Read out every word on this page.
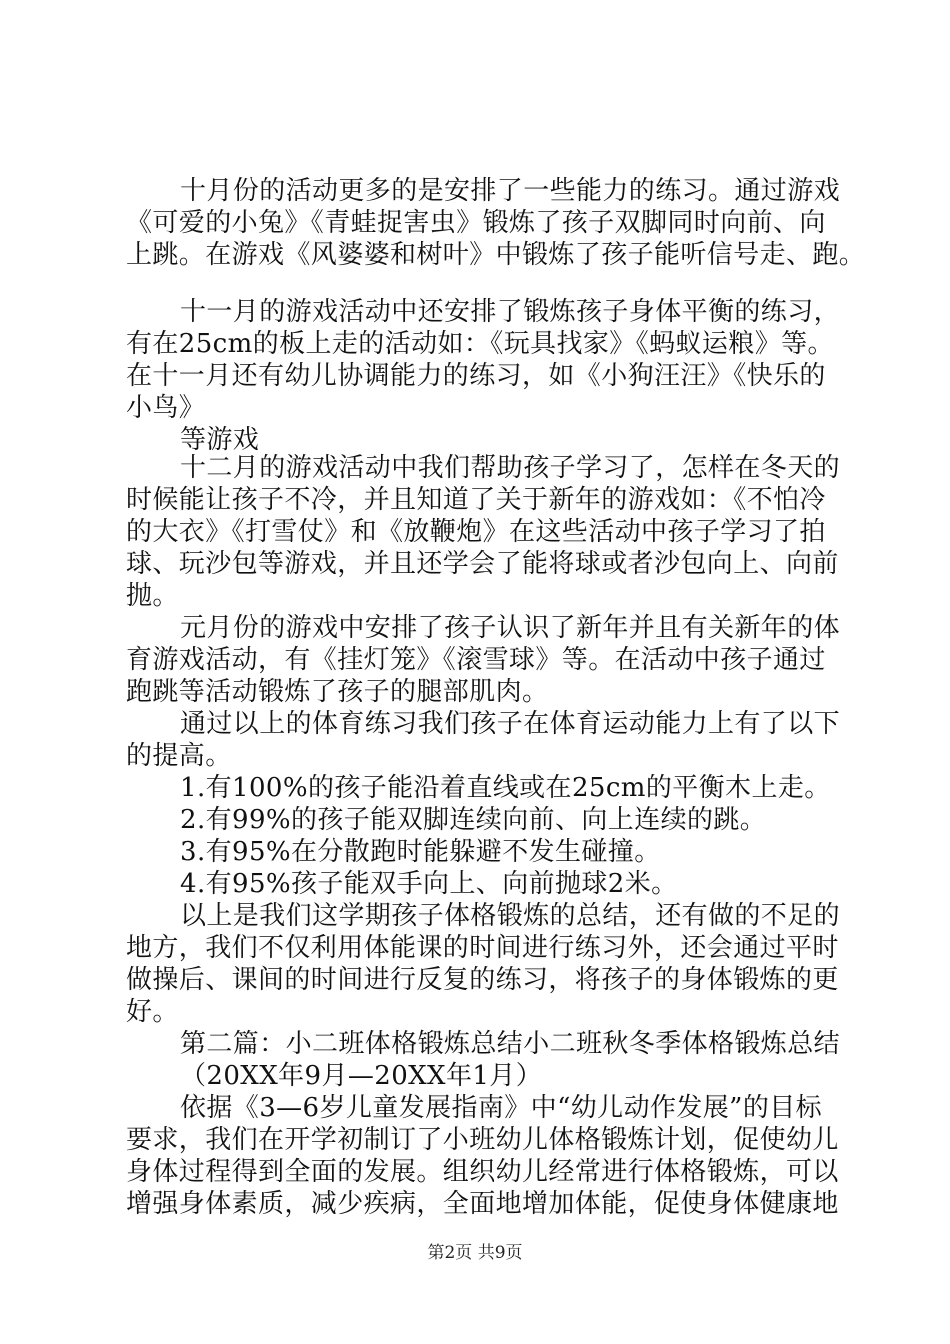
十月份的活动更多的是安排了一些能力的练习。通过游戏
《可爱的小兔》《青蛙捉害虫》锻炼了孩子双脚同时向前、向
上跳。在游戏《风婆婆和树叶》中锻炼了孩子能听信号走、跑。
十一月的游戏活动中还安排了锻炼孩子身体平衡的练习，
有在25cm的板上走的活动如：《玩具找家》《蚂蚁运粮》等。
在十一月还有幼儿协调能力的练习，如《小狗汪汪》《快乐的
小鸟》
等游戏
十二月的游戏活动中我们帮助孩子学习了，怎样在冬天的
时候能让孩子不冷，并且知道了关于新年的游戏如：《不怕冷
的大衣》《打雪仗》和《放鞭炮》在这些活动中孩子学习了拍
球、玩沙包等游戏，并且还学会了能将球或者沙包向上、向前
抛。
元月份的游戏中安排了孩子认识了新年并且有关新年的体
育游戏活动，有《挂灯笼》《滚雪球》等。在活动中孩子通过
跑跳等活动锻炼了孩子的腿部肌肉。
通过以上的体育练习我们孩子在体育运动能力上有了以下
的提高。
1.有100%的孩子能沿着直线或在25cm的平衡木上走。
2.有99%的孩子能双脚连续向前、向上连续的跳。
3.有95%在分散跑时能躲避不发生碰撞。
4.有95%孩子能双手向上、向前抛球2米。
以上是我们这学期孩子体格锻炼的总结，还有做的不足的
地方，我们不仅利用体能课的时间进行练习外，还会通过平时
做操后、课间的时间进行反复的练习，将孩子的身体锻炼的更
好。
第二篇：小二班体格锻炼总结小二班秋冬季体格锻炼总结
（20XX年9月—20XX年1月）
依据《3—6岁儿童发展指南》中“幼儿动作发展”的目标
要求，我们在开学初制订了小班幼儿体格锻炼计划，促使幼儿
身体过程得到全面的发展。组织幼儿经常进行体格锻炼，可以
增强身体素质，减少疾病，全面地增加体能，促使身体健康地
第2页 共9页
